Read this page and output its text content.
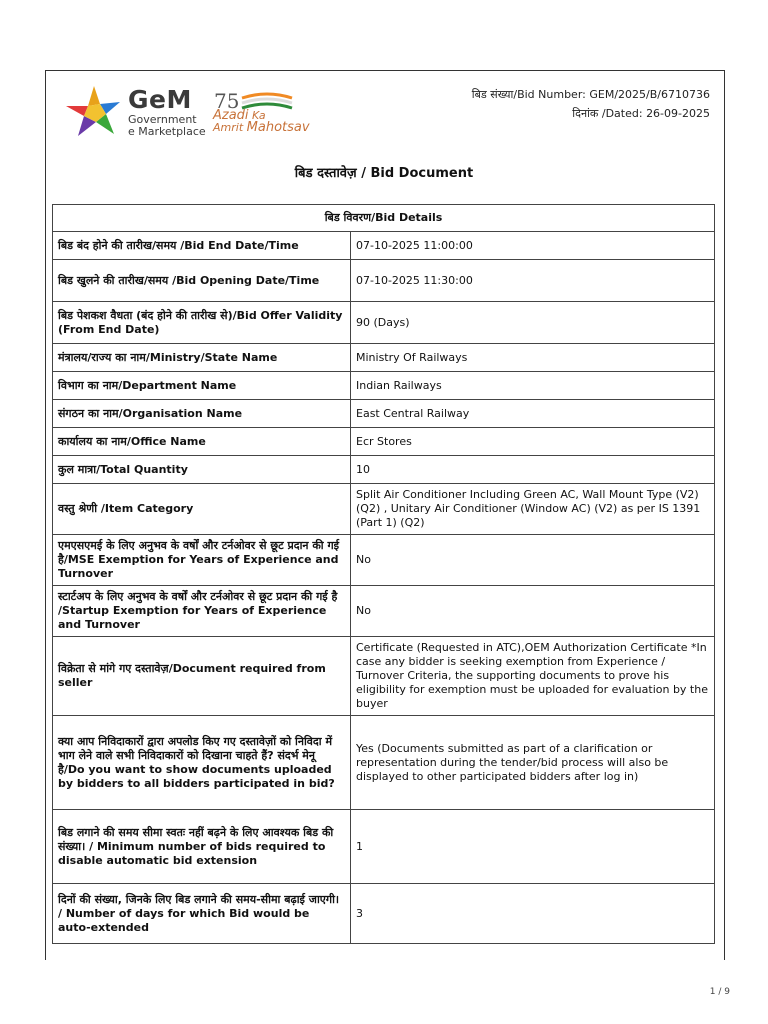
GeM
Government
e Marketplace
75
Azadi Ka
Amrit Mahotsav
बिड संख्या/Bid Number: GEM/2025/B/6710736
दिनांक /Dated: 26-09-2025
बिड दस्तावेज़ / Bid Document
बिड विवरण/Bid Details	
बिड बंद होने की तारीख/समय /Bid End Date/Time	07-10-2025 11:00:00
बिड खुलने की तारीख/समय /Bid Opening Date/Time	07-10-2025 11:30:00
बिड पेशकश वैधता (बंद होने की तारीख से)/Bid Offer Validity (From End Date)	90 (Days)
मंत्रालय/राज्य का नाम/Ministry/State Name	Ministry Of Railways
विभाग का नाम/Department Name	Indian Railways
संगठन का नाम/Organisation Name	East Central Railway
कार्यालय का नाम/Office Name	Ecr Stores
कुल मात्रा/Total Quantity	10
वस्तु श्रेणी /Item Category	Split Air Conditioner Including Green AC, Wall Mount Type (V2) (Q2) , Unitary Air Conditioner (Window AC) (V2) as per IS 1391 (Part 1) (Q2)
एमएसएमई के लिए अनुभव के वर्षों और टर्नओवर से छूट प्रदान की गई है/MSE Exemption for Years of Experience and Turnover	No
स्टार्टअप के लिए अनुभव के वर्षों और टर्नओवर से छूट प्रदान की गई है /Startup Exemption for Years of Experience and Turnover	No
विक्रेता से मांगे गए दस्तावेज़/Document required from seller	Certificate (Requested in ATC),OEM Authorization Certificate *In case any bidder is seeking exemption from Experience / Turnover Criteria, the supporting documents to prove his eligibility for exemption must be uploaded for evaluation by the buyer
क्या आप निविदाकारों द्वारा अपलोड किए गए दस्तावेज़ों को निविदा में भाग लेने वाले सभी निविदाकारों को दिखाना चाहते हैं? संदर्भ मेनू है/Do you want to show documents uploaded by bidders to all bidders participated in bid?	Yes (Documents submitted as part of a clarification or representation during the tender/bid process will also be displayed to other participated bidders after log in)
बिड लगाने की समय सीमा स्वतः नहीं बढ़ने के लिए आवश्यक बिड की संख्या। / Minimum number of bids required to disable automatic bid extension	1
दिनों की संख्या, जिनके लिए बिड लगाने की समय-सीमा बढ़ाई जाएगी। / Number of days for which Bid would be auto-extended	3
1 / 9
